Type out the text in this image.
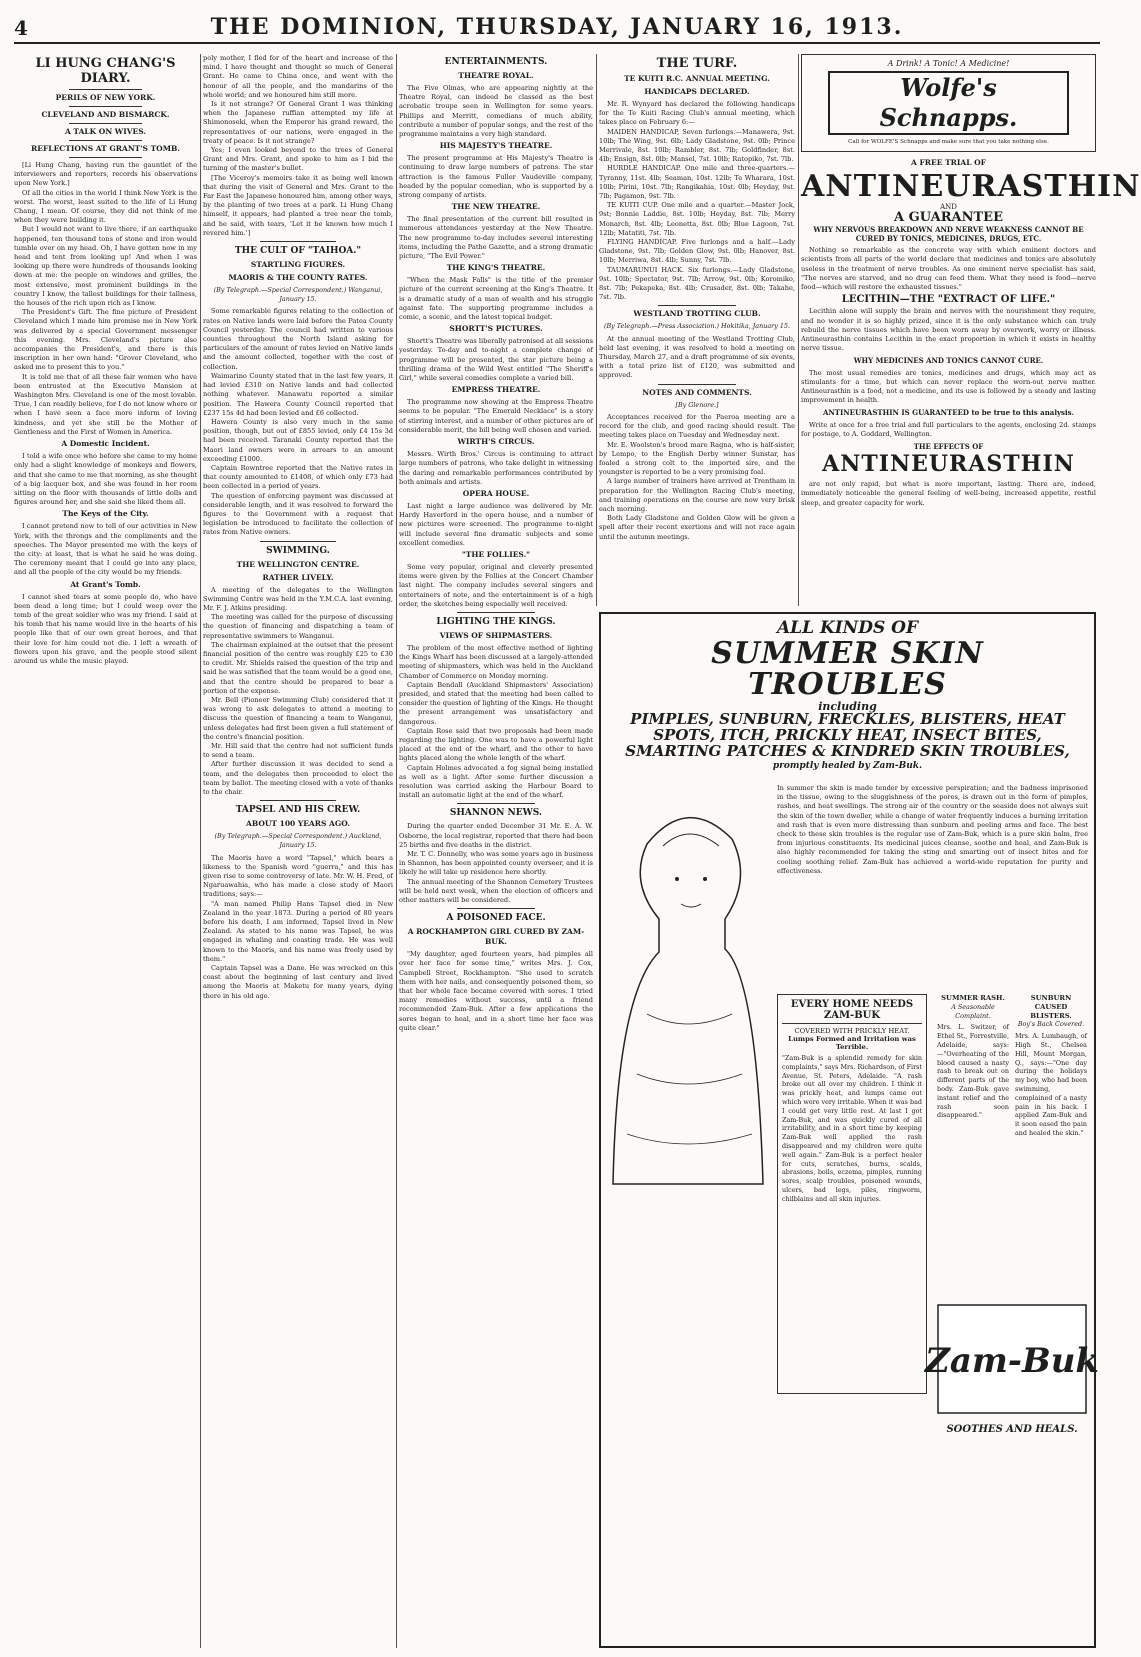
4	THE DOMINION, THURSDAY, JANUARY 16, 1913.
LI HUNG CHANG'S DIARY.
PERILS OF NEW YORK.
CLEVELAND AND BISMARCK.
A TALK ON WIVES.
REFLECTIONS AT GRANT'S TOMB.

[Li Hung Chang, having run the gauntlet of the interviewers and reporters, records his observations upon New York.]

Of all the cities in the world I think New York is the worst. The worst, least suited to the life of Li Hung Chang, I mean. Of course, they did not think of me when they were building it.

But I would not want to live there, if an earthquake happened, ten thousand tons of stone and iron would tumble over on my head. Oh, I have gotten now in my head and tent from looking up! And when I was looking up there were hundreds of thousands looking down at me: the people on windows and grilles, the most extensive, most prominent buildings in the country I know, the tallest buildings for their tallness, the houses of the rich upon rich as I know.

The President's Gift. The fine picture of President Cleveland which I made him promise me in New York was delivered by a special Government messenger this evening. Mrs. Cleveland's picture also accompanies the President's, and there is this inscription in her own hand: "Grover Cleveland, who asked me to present this to you."

It is told me that of all these fair women who have been entrusted at the Executive Mansion at Washington Mrs. Cleveland is one of the most lovable. True, I can readily believe, for I do not know where or when I have seen a face more inform of loving kindness, and yet she still be the Mother of Gentleness and the First of Women in America.

A Domestic Incident.

I told a wife once who before she came to my home only had a slight knowledge of monkeys and flowers, and that she came to me that morning, as she thought of a big lacquer box, and she was found in her room sitting on the floor with thousands of little dolls and figures around her, and she said she liked them all.

The Keys of the City.

I cannot pretend now to tell of our activities in New York, with the throngs and the compliments and the speeches. The Mayor presented me with the keys of the city: at least, that is what he said he was doing. The ceremony meant that I could go into any place, and all the people of the city would be my friends.

At Grant's Tomb.

I cannot shed tears at some people do, who have been dead a long time; but I could weep over the tomb of the great soldier who was my friend. I said at his tomb that his name would live in the hearts of his people like that of our own great heroes, and that their love for him could not die. I left a wreath of flowers upon his grave, and the people stood silent around us while the music played.

poly mother, I fled for of the heart and increase of the mind. I have thought and thought so much of General Grant. He came to China once, and went with the honour of all the people, and the mandarins of the whole world; and we honoured him still more.

Is it not strange? Of General Grant I was thinking when the Japanese ruffian attempted my life at Shimonoseki, when the Emperor his grand reward, the representatives of our nations, were engaged in the treaty of peace. Is it not strange?

Yes; I even looked beyond to the trees of General Grant and Mrs. Grant, and spoke to him as I bid the turning of the master's bullet.

[The Viceroy's memoirs take it as being well known that during the visit of General and Mrs. Grant to the Far East the Japanese honoured him, among other ways, by the planting of two trees at a park. Li Hung Chang himself, it appears, had planted a tree near the tomb, and he said, with tears, 'Let it be known how much I revered him.']

THE CULT OF "TAIHOA."
STARTLING FIGURES.
MAORIS & THE COUNTY RATES.
(By Telegraph.—Special Correspondent.) Wanganui, January 15.

Some remarkable figures relating to the collection of rates on Native lands were laid before the Patea County Council yesterday. The council had written to various counties throughout the North Island asking for particulars of the amount of rates levied on Native lands and the amount collected, together with the cost of collection.

Waimarino County stated that in the last few years, it had levied £310 on Native lands and had collected nothing whatever. Manawatu reported a similar position. The Hawera County Council reported that £237 15s 4d had been levied and £6 collected.

Hawera County is also very much in the same position, though, but out of £855 levied, only £4 15s 3d had been received. Taranaki County reported that the Maori land owners were in arrears to an amount exceeding £1000.

Captain Rowntree reported that the Native rates in that county amounted to £1408, of which only £73 had been collected in a period of years.

The question of enforcing payment was discussed at considerable length, and it was resolved to forward the figures to the Government with a request that legislation be introduced to facilitate the collection of rates from Native owners.

SWIMMING.
THE WELLINGTON CENTRE.
RATHER LIVELY.

A meeting of the delegates to the Wellington Swimming Centre was held in the Y.M.C.A. last evening, Mr. F. J. Atkins presiding.

The meeting was called for the purpose of discussing the question of financing and dispatching a team of representative swimmers to Wanganui.

The chairman explained at the outset that the present financial position of the centre was roughly £25 to £30 to credit. Mr. Shields raised the question of the trip and said he was satisfied that the team would be a good one, and that the centre should be prepared to bear a portion of the expense.

Mr. Bell (Pioneer Swimming Club) considered that it was wrong to ask delegates to attend a meeting to discuss the question of financing a team to Wanganui, unless delegates had first been given a full statement of the centre's financial position.

Mr. Hill said that the centre had not sufficient funds to send a team.

After further discussion it was decided to send a team, and the delegates then proceeded to elect the team by ballot. The meeting closed with a vote of thanks to the chair.

TAPSEL AND HIS CREW.
ABOUT 100 YEARS AGO.
(By Telegraph.—Special Correspondent.) Auckland, January 15.

The Maoris have a word "Tapsel," which bears a likeness to the Spanish word "guerra," and this has given rise to some controversy of late. Mr. W. H. Fred, of Ngaruawahia, who has made a close study of Maori traditions, says:—

"A man named Philip Hans Tapsel died in New Zealand in the year 1873. During a period of 80 years before his death, I am informed, Tapsel lived in New Zealand. As stated to his name was Tapsel, he was engaged in whaling and coasting trade. He was well known to the Maoris, and his name was freely used by them."

Captain Tapsel was a Dane. He was wrecked on this coast about the beginning of last century and lived among the Maoris at Maketu for many years, dying there in his old age.

ENTERTAINMENTS.
THEATRE ROYAL.

The Five Olmas, who are appearing nightly at the Theatre Royal, can indeed be classed as the best acrobatic troupe seen in Wellington for some years. Phillips and Merritt, comedians of much ability, contribute a number of popular songs, and the rest of the programme maintains a very high standard.

HIS MAJESTY'S THEATRE.

The present programme at His Majesty's Theatre is continuing to draw large numbers of patrons. The star attraction is the famous Fuller Vaudeville company, headed by the popular comedian, who is supported by a strong company of artists.

THE NEW THEATRE.

The final presentation of the current bill resulted in numerous attendances yesterday at the New Theatre. The new programme to-day includes several interesting items, including the Pathe Gazette, and a strong dramatic picture, "The Evil Power."

THE KING'S THEATRE.

"When the Mask Falls" is the title of the premier picture of the current screening at the King's Theatre. It is a dramatic study of a man of wealth and his struggle against fate. The supporting programme includes a comic, a scenic, and the latest topical budget.

SHORTT'S PICTURES.

Shortt's Theatre was liberally patronised at all sessions yesterday. To-day and to-night a complete change of programme will be presented, the star picture being a thrilling drama of the Wild West entitled "The Sheriff's Girl," while several comedies complete a varied bill.

EMPRESS THEATRE.

The programme now showing at the Empress Theatre seems to be popular. "The Emerald Necklace" is a story of stirring interest, and a number of other pictures are of considerable merit, the bill being well chosen and varied.

WIRTH'S CIRCUS.

Messrs. Wirth Bros.' Circus is continuing to attract large numbers of patrons, who take delight in witnessing the daring and remarkable performances contributed by both animals and artists.

OPERA HOUSE.

Last night a large audience was delivered by Mr. Hardy Haverford in the opera house, and a number of new pictures were screened. The programme to-night will include several fine dramatic subjects and some excellent comedies.

"THE FOLLIES."

Some very popular, original and cleverly presented items were given by the Follies at the Concert Chamber last night. The company includes several singers and entertainers of note, and the entertainment is of a high order, the sketches being especially well received.

LIGHTING THE KINGS.
VIEWS OF SHIPMASTERS.

The problem of the most effective method of lighting the Kings Wharf has been discussed at a largely-attended meeting of shipmasters, which was held in the Auckland Chamber of Commerce on Monday morning.

Captain Bendall (Auckland Shipmasters' Association) presided, and stated that the meeting had been called to consider the question of lighting of the Kings. He thought the present arrangement was unsatisfactory and dangerous.

Captain Rose said that two proposals had been made regarding the lighting. One was to have a powerful light placed at the end of the wharf, and the other to have lights placed along the whole length of the wharf.

Captain Holmes advocated a fog signal being installed as well as a light. After some further discussion a resolution was carried asking the Harbour Board to install an automatic light at the end of the wharf.

SHANNON NEWS.

During the quarter ended December 31 Mr. E. A. W. Osborne, the local registrar, reported that there had been 25 births and five deaths in the district.

Mr. T. C. Donnelly, who was some years ago in business in Shannon, has been appointed county overseer, and it is likely he will take up residence here shortly.

The annual meeting of the Shannon Cemetery Trustees will be held next week, when the election of officers and other matters will be considered.

A POISONED FACE.
A ROCKHAMPTON GIRL CURED BY ZAM-BUK.

"My daughter, aged fourteen years, had pimples all over her face for some time," writes Mrs. J. Cox, Campbell Street, Rockhampton. "She used to scratch them with her nails, and consequently poisoned them, so that her whole face became covered with sores. I tried many remedies without success, until a friend recommended Zam-Buk. After a few applications the sores began to heal, and in a short time her face was quite clear."

THE TURF.
TE KUITI R.C. ANNUAL MEETING.
HANDICAPS DECLARED.

Mr. R. Wynyard has declared the following handicaps for the Te Kuiti Racing Club's annual meeting, which takes place on February 6:—

MAIDEN HANDICAP, Seven furlongs.—Manawera, 9st. 10lb; The Wing, 9st. 6lb; Lady Gladstone, 9st. 0lb; Prince Merrivale, 8st. 10lb; Rambler, 8st. 7lb; Goldfinder, 8st. 4lb; Ensign, 8st. 0lb; Mansel, 7st. 10lb; Ratopiko, 7st. 7lb.

HURDLE HANDICAP. One mile and three-quarters.—Tyranny, 11st. 4lb; Seaman, 10st. 12lb; Te Wharara, 10st. 10lb; Pirini, 10st. 7lb; Rangikahia, 10st. 0lb; Heyday, 9st. 7lb; Pagamon, 9st. 7lb.

TE KUITI CUP. One mile and a quarter.—Master Jock, 9st; Bonnie Laddie, 8st. 10lb; Heyday, 8st. 7lb; Merry Monarch, 8st. 4lb; Leonetta, 8st. 0lb; Blue Lagoon, 7st. 12lb; Matatiti, 7st. 7lb.

FLYING HANDICAP. Five furlongs and a half.—Lady Gladstone, 9st. 7lb; Golden Glow, 9st. 0lb; Hanover, 8st. 10lb; Merriwa, 8st. 4lb; Sunny, 7st. 7lb.

TAUMARUNUI HACK. Six furlongs.—Lady Gladstone, 9st. 10lb; Spectator, 9st. 7lb; Arrow, 9st. 0lb; Koromiko, 8st. 7lb; Pekapeka, 8st. 4lb; Crusader, 8st. 0lb; Takahe, 7st. 7lb.

WESTLAND TROTTING CLUB.
(By Telegraph.—Press Association.) Hokitika, January 15.

At the annual meeting of the Westland Trotting Club, held last evening, it was resolved to hold a meeting on Thursday, March 27, and a draft programme of six events, with a total prize list of £120, was submitted and approved.

NOTES AND COMMENTS.
[By Glenore.]

Acceptances received for the Paeroa meeting are a record for the club, and good racing should result. The meeting takes place on Tuesday and Wednesday next.

Mr. E. Woolston's brood mare Ragna, who is half-sister, by Lempo, to the English Derby winner Sunstar, has foaled a strong colt to the imported sire, and the youngster is reported to be a very promising foal.

A large number of trainers have arrived at Trentham in preparation for the Wellington Racing Club's meeting, and training operations on the course are now very brisk each morning.

Both Lady Gladstone and Golden Glow will be given a spell after their recent exertions and will not race again until the autumn meetings.

A Drink! A Tonic! A Medicine!
Wolfe's Schnapps.
Call for WOLFE'S Schnapps and make sure that you take nothing else.
A FREE TRIAL OF
ANTINEURASTHIN
AND
A GUARANTEE
WHY NERVOUS BREAKDOWN AND NERVE WEAKNESS CANNOT BE CURED BY TONICS, MEDICINES, DRUGS, ETC.

Nothing so remarkable as the concrete way with which eminent doctors and scientists from all parts of the world declare that medicines and tonics are absolutely useless in the treatment of nerve troubles. As one eminent nerve specialist has said, "The nerves are starved, and no drug can feed them. What they need is food—nerve food—which will restore the exhausted tissues."

LECITHIN—THE "EXTRACT OF LIFE."

Lecithin alone will supply the brain and nerves with the nourishment they require, and no wonder it is so highly prized, since it is the only substance which can truly rebuild the nerve tissues which have been worn away by overwork, worry or illness. Antineurasthin contains Lecithin in the exact proportion in which it exists in healthy nerve tissue.

WHY MEDICINES AND TONICS CANNOT CURE.

The most usual remedies are tonics, medicines and drugs, which may act as stimulants for a time, but which can never replace the worn-out nerve matter. Antineurasthin is a food, not a medicine, and its use is followed by a steady and lasting improvement in health.

ANTINEURASTHIN IS GUARANTEED to be true to this analysis.

Write at once for a free trial and full particulars to the agents, enclosing 2d. stamps for postage, to A. Goddard, Wellington.

THE EFFECTS OF
ANTINEURASTHIN

are not only rapid, but what is more important, lasting. There are, indeed, immediately noticeable the general feeling of well-being, increased appetite, restful sleep, and greater capacity for work.

ALL KINDS OF
SUMMER SKIN TROUBLES
including
PIMPLES, SUNBURN, FRECKLES, BLISTERS, HEAT SPOTS, ITCH, PRICKLY HEAT, INSECT BITES, SMARTING PATCHES & KINDRED SKIN TROUBLES,
promptly healed by Zam-Buk.

In summer the skin is made tender by excessive perspiration; and the badness imprisoned in the tissue, owing to the sluggishness of the pores, is drawn out in the form of pimples, rashes, and heat swellings. The strong air of the country or the seaside does not always suit the skin of the town dweller, while a change of water frequently induces a burning irritation and rash that is even more distressing than sunburn and peeling arms and face. The best check to these skin troubles is the regular use of Zam-Buk, which is a pure skin balm, free from injurious constituents. Its medicinal juices cleanse, soothe and heal, and Zam-Buk is also highly recommended for taking the sting and smarting out of insect bites and for cooling soothing relief. Zam-Buk has achieved a world-wide reputation for purity and effectiveness.

EVERY HOME NEEDS ZAM-BUK
COVERED WITH PRICKLY HEAT.
Lumps Formed and Irritation was Terrible.

"Zam-Buk is a splendid remedy for skin complaints," says Mrs. Richardson, of First Avenue, St. Peters, Adelaide. "A rash broke out all over my children. I think it was prickly heat, and lumps came out which were very irritable. When it was bad I could get very little rest. At last I got Zam-Buk, and was quickly cured of all irritability, and in a short time by keeping Zam-Buk well applied the rash disappeared and my children were quite well again." Zam-Buk is a perfect healer for cuts, scratches, burns, scalds, abrasions, boils, eczema, pimples, running sores, scalp troubles, poisoned wounds, ulcers, bad legs, piles, ringworm, chilblains and all skin injuries.

SUMMER RASH.
A Seasonable Complaint.

Mrs. L. Switzer, of Ethel St., Forrestville, Adelaide, says:—"Overheating of the blood caused a nasty rash to break out on different parts of the body. Zam-Buk gave instant relief and the rash soon disappeared."

SUNBURN CAUSED BLISTERS.
Boy's Back Covered.

Mrs. A. Lumbaugh, of High St., Chelsea Hill, Mount Morgan, Q., says:—"One day during the holidays my boy, who had been swimming, complained of a nasty pain in his back. I applied Zam-Buk and it soon eased the pain and healed the skin."

Zam-Buk
SOOTHES AND HEALS.
